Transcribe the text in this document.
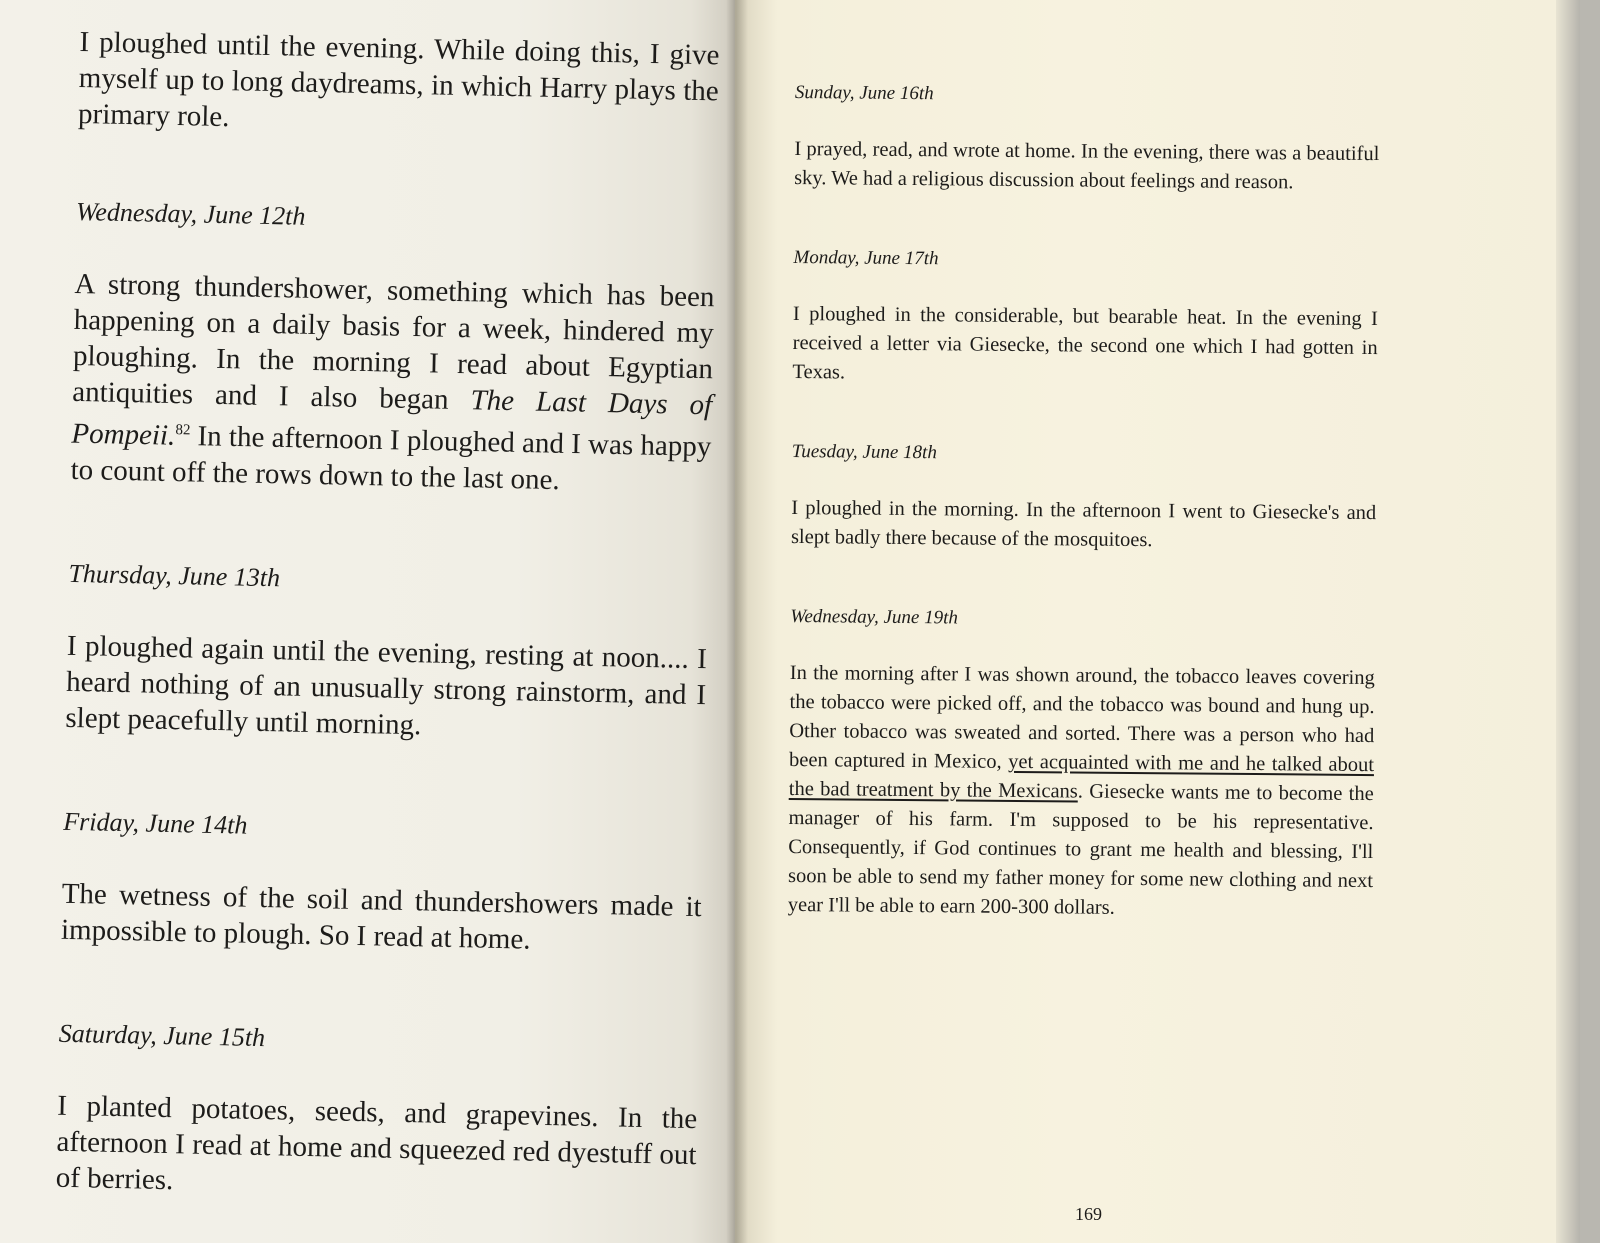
I ploughed until the evening. While doing this, I give myself up to long daydreams, in which Harry plays the primary role.

Wednesday, June 12th

A strong thundershower, something which has been happening on a daily basis for a week, hindered my ploughing. In the morning I read about Egyptian antiquities and I also began The Last Days of Pompeii.$^{82}$ In the afternoon I ploughed and I was happy to count off the rows down to the last one.

Thursday, June 13th

I ploughed again until the evening, resting at noon.... I heard nothing of an unusually strong rainstorm, and I slept peacefully until morning.

Friday, June 14th

The wetness of the soil and thundershowers made it impossible to plough. So I read at home.

Saturday, June 15th

I planted potatoes, seeds, and grapevines. In the afternoon I read at home and squeezed red dyestuff out of berries.

Sunday, June 16th

I prayed, read, and wrote at home. In the evening, there was a beautiful sky. We had a religious discussion about feelings and reason.

Monday, June 17th

I ploughed in the considerable, but bearable heat. In the evening I received a letter via Giesecke, the second one which I had gotten in Texas.

Tuesday, June 18th

I ploughed in the morning. In the afternoon I went to Giesecke's and slept badly there because of the mosquitoes.

Wednesday, June 19th

In the morning after I was shown around, the tobacco leaves covering the tobacco were picked off, and the tobacco was bound and hung up. Other tobacco was sweated and sorted. There was a person who had been captured in Mexico, yet acquainted with me and he talked about the bad treatment by the Mexicans. Giesecke wants me to become the manager of his farm. I'm supposed to be his representative. Consequently, if God continues to grant me health and blessing, I'll soon be able to send my father money for some new clothing and next year I'll be able to earn 200-300 dollars.

169
